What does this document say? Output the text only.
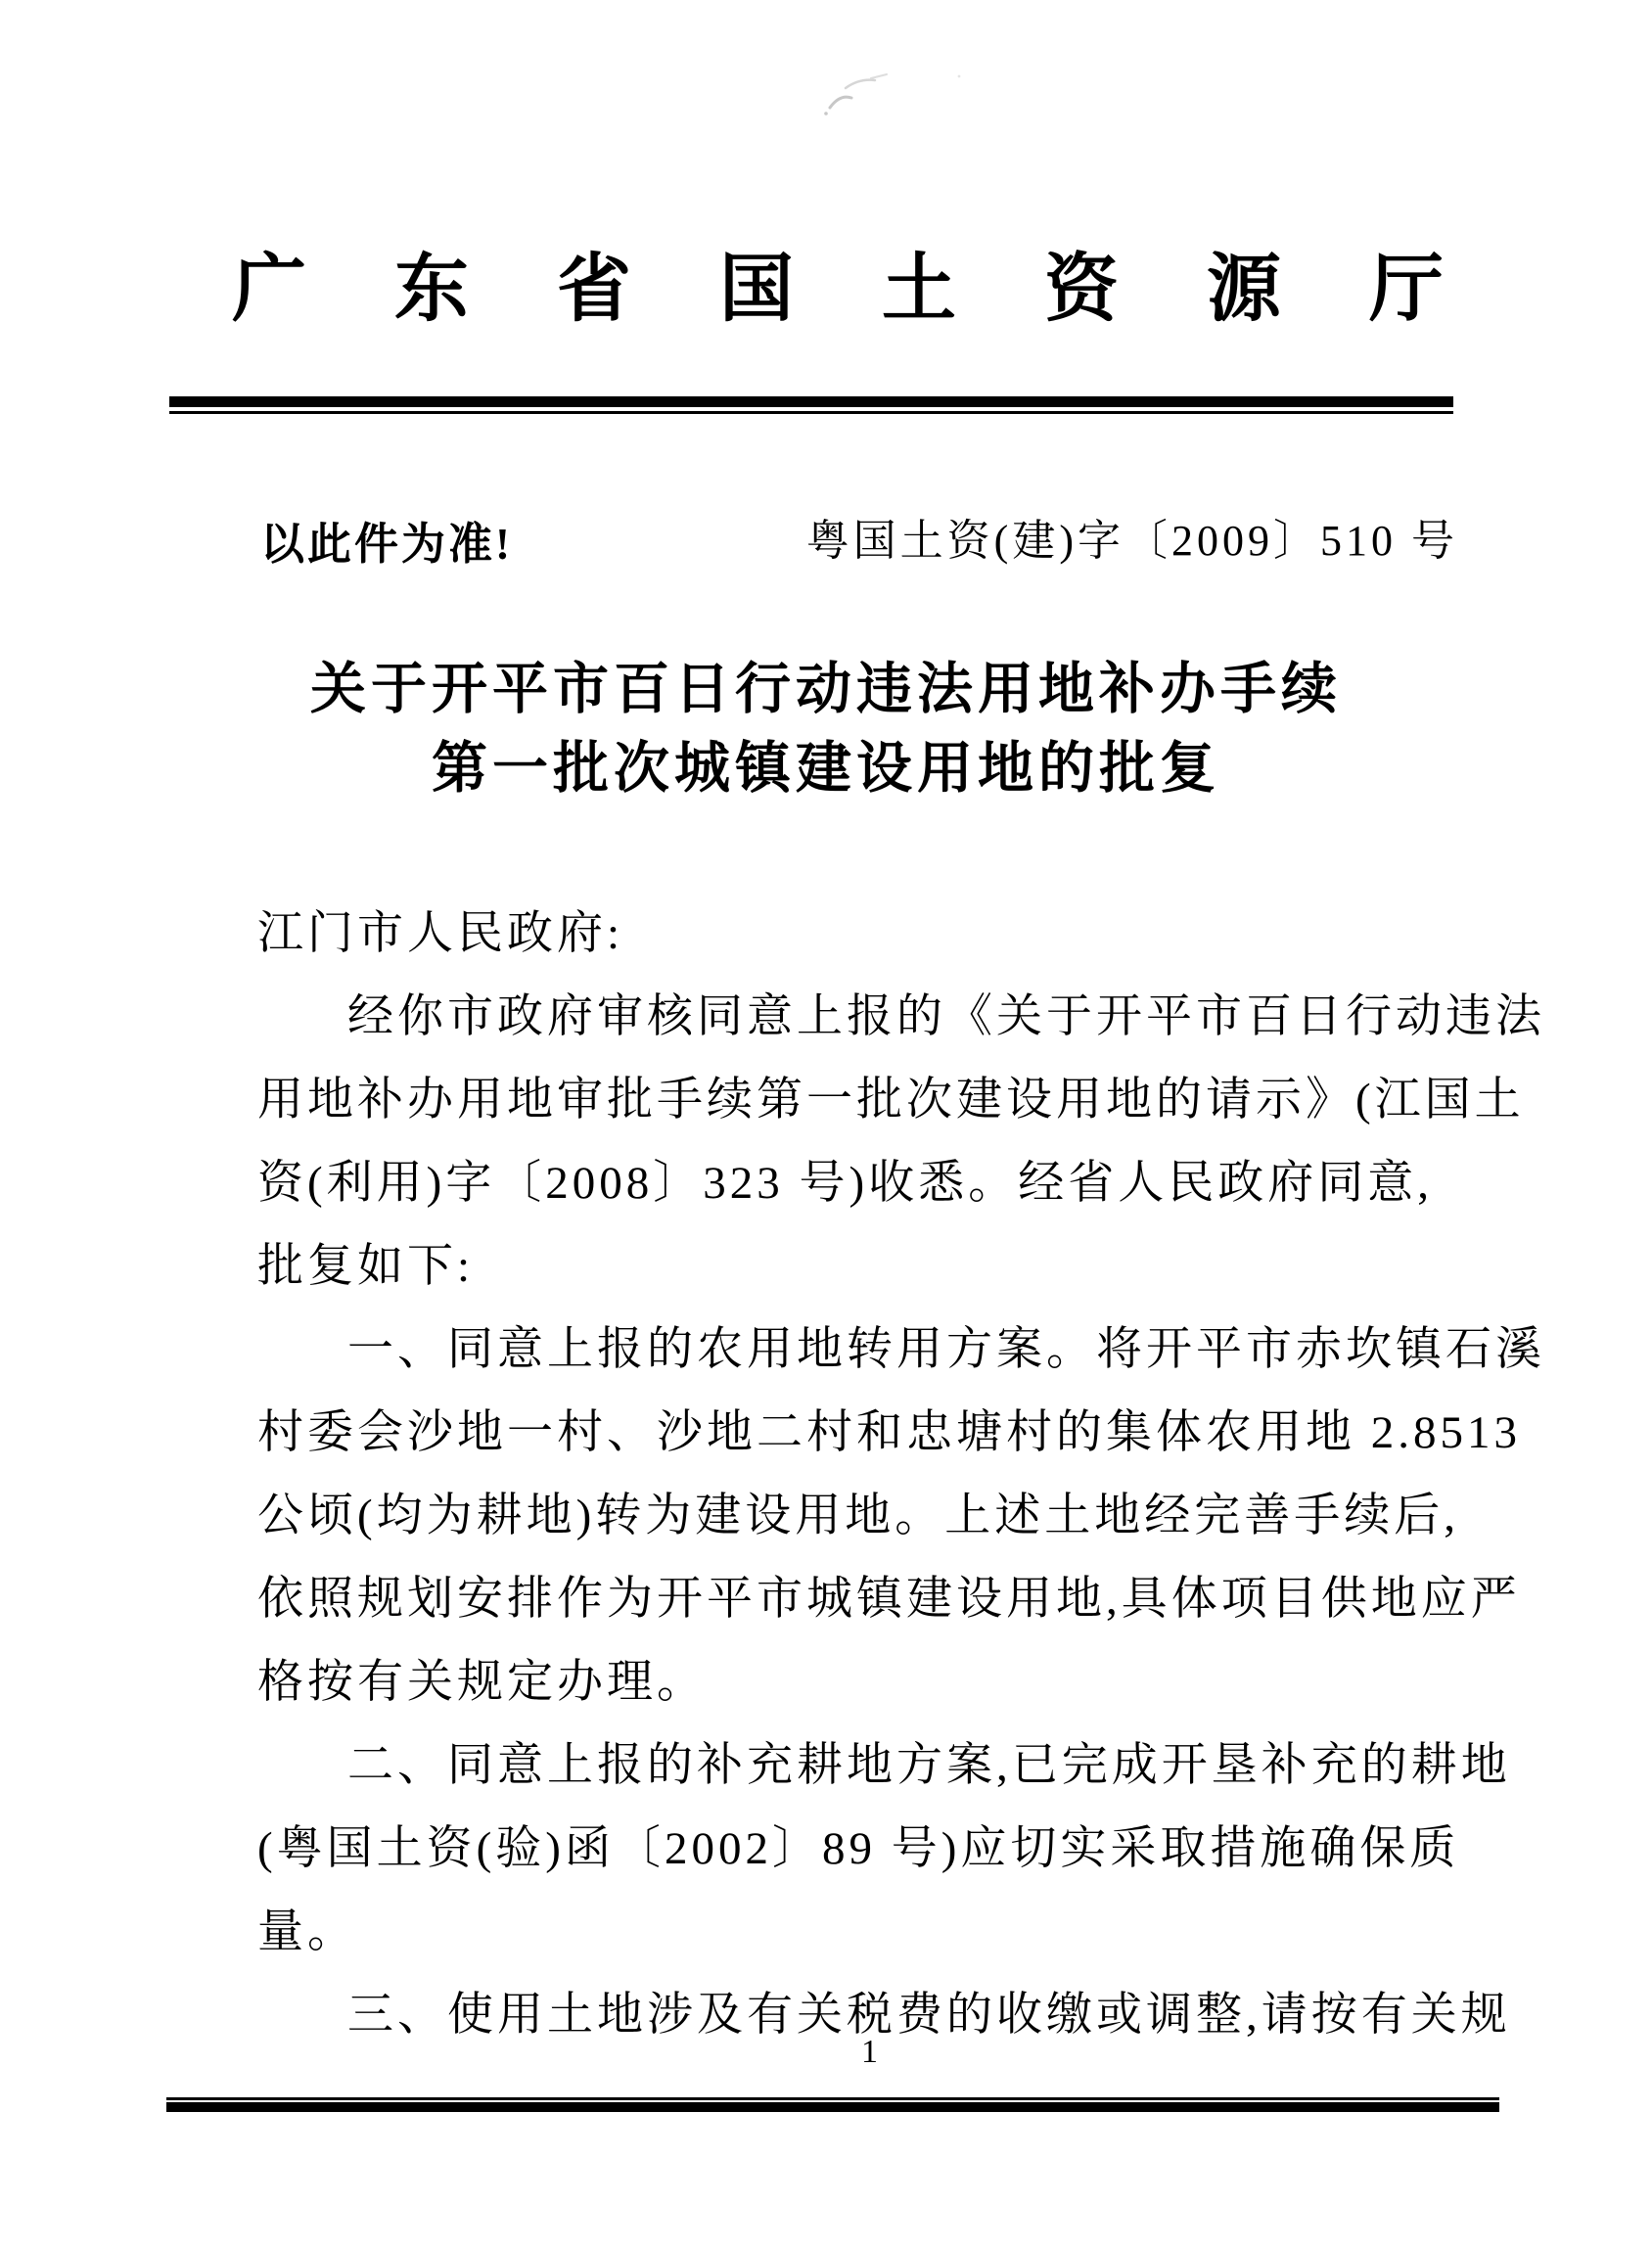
广东省国土资源厅
以此件为准!	粤国土资(建)字〔2009〕510 号
关于开平市百日行动违法用地补办手续
第一批次城镇建设用地的批复
江门市人民政府:
经你市政府审核同意上报的《关于开平市百日行动违法
用地补办用地审批手续第一批次建设用地的请示》(江国土
资(利用)字〔2008〕323 号)收悉。经省人民政府同意,
批复如下:
一、同意上报的农用地转用方案。将开平市赤坎镇石溪
村委会沙地一村、沙地二村和忠塘村的集体农用地 2.8513
公顷(均为耕地)转为建设用地。上述土地经完善手续后,
依照规划安排作为开平市城镇建设用地,具体项目供地应严
格按有关规定办理。
二、同意上报的补充耕地方案,已完成开垦补充的耕地
(粤国土资(验)函〔2002〕89 号)应切实采取措施确保质
量。
三、使用土地涉及有关税费的收缴或调整,请按有关规
1
